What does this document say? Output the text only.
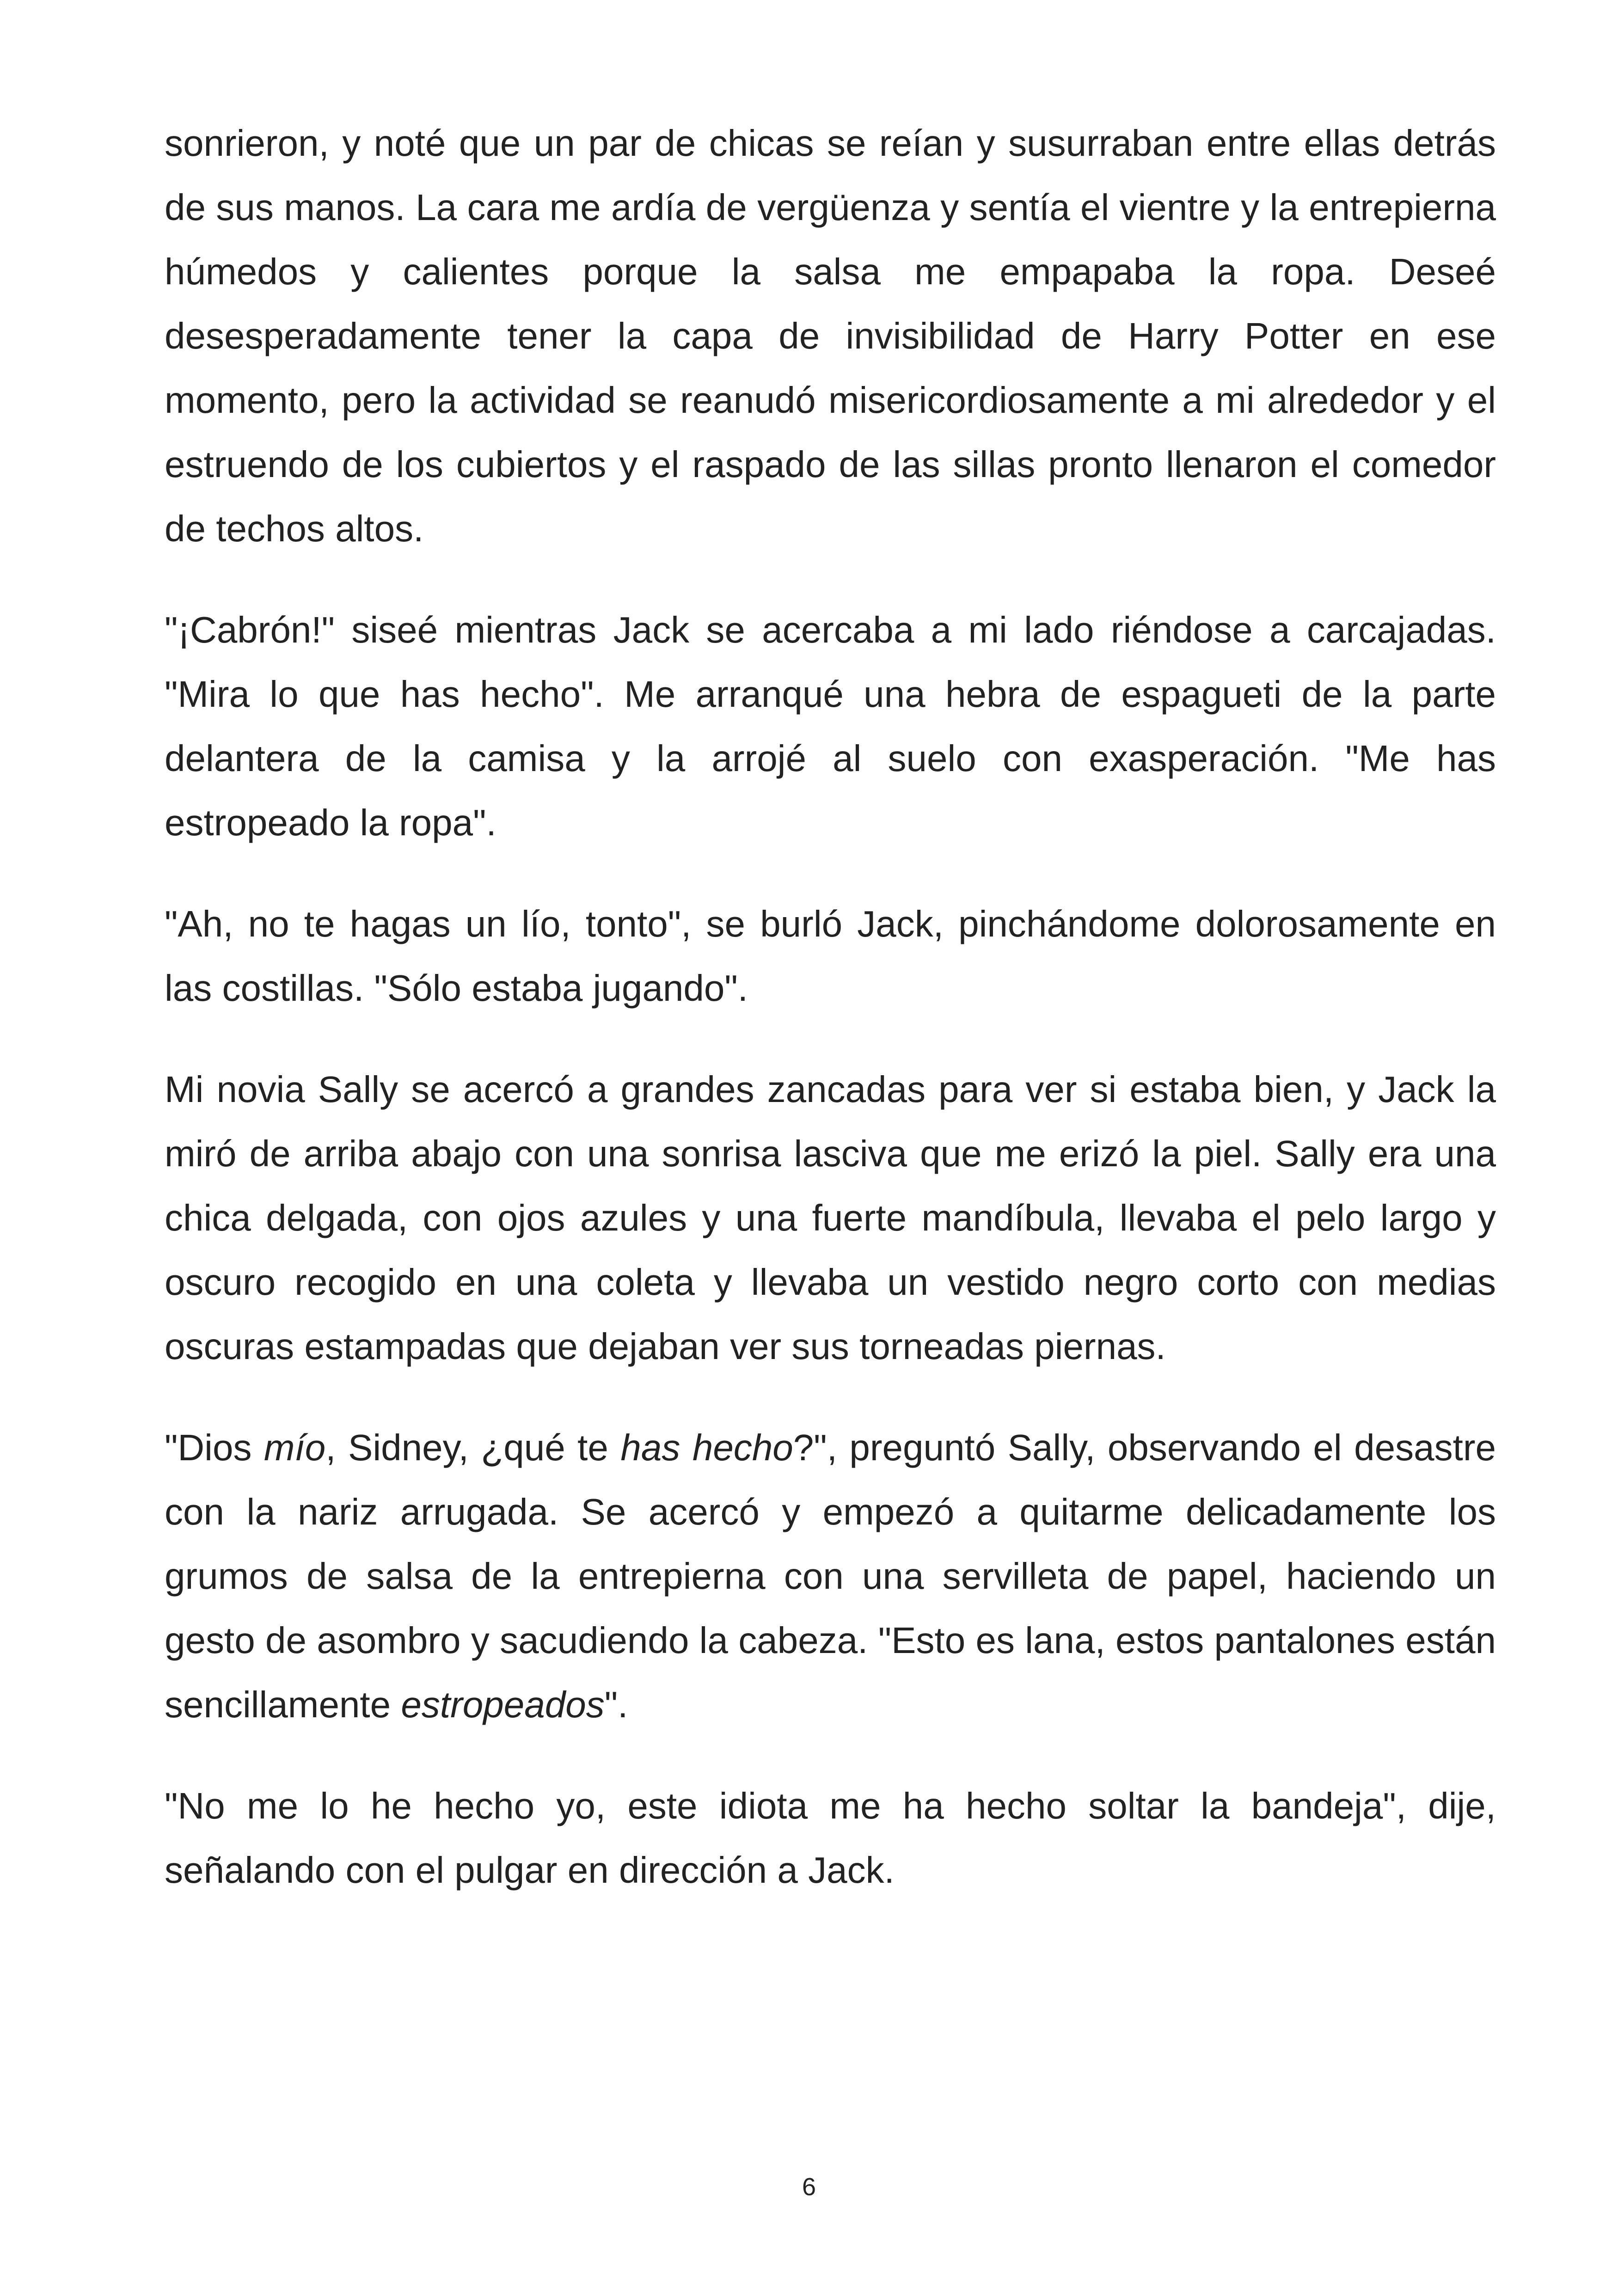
sonrieron, y noté que un par de chicas se reían y susurraban entre ellas detrás de sus manos. La cara me ardía de vergüenza y sentía el vientre y la entrepierna húmedos y calientes porque la salsa me empapaba la ropa. Deseé desesperadamente tener la capa de invisibilidad de Harry Potter en ese momento, pero la actividad se reanudó misericordiosamente a mi alrededor y el estruendo de los cubiertos y el raspado de las sillas pronto llenaron el comedor de techos altos.

"¡Cabrón!" siseé mientras Jack se acercaba a mi lado riéndose a carcajadas. "Mira lo que has hecho". Me arranqué una hebra de espagueti de la parte delantera de la camisa y la arrojé al suelo con exasperación. "Me has estropeado la ropa".

"Ah, no te hagas un lío, tonto", se burló Jack, pinchándome dolorosamente en las costillas. "Sólo estaba jugando".

Mi novia Sally se acercó a grandes zancadas para ver si estaba bien, y Jack la miró de arriba abajo con una sonrisa lasciva que me erizó la piel. Sally era una chica delgada, con ojos azules y una fuerte mandíbula, llevaba el pelo largo y oscuro recogido en una coleta y llevaba un vestido negro corto con medias oscuras estampadas que dejaban ver sus torneadas piernas.

"Dios mío, Sidney, ¿qué te has hecho?", preguntó Sally, observando el desastre con la nariz arrugada. Se acercó y empezó a quitarme delicadamente los grumos de salsa de la entrepierna con una servilleta de papel, haciendo un gesto de asombro y sacudiendo la cabeza. "Esto es lana, estos pantalones están sencillamente estropeados".

"No me lo he hecho yo, este idiota me ha hecho soltar la bandeja", dije, señalando con el pulgar en dirección a Jack.

6
